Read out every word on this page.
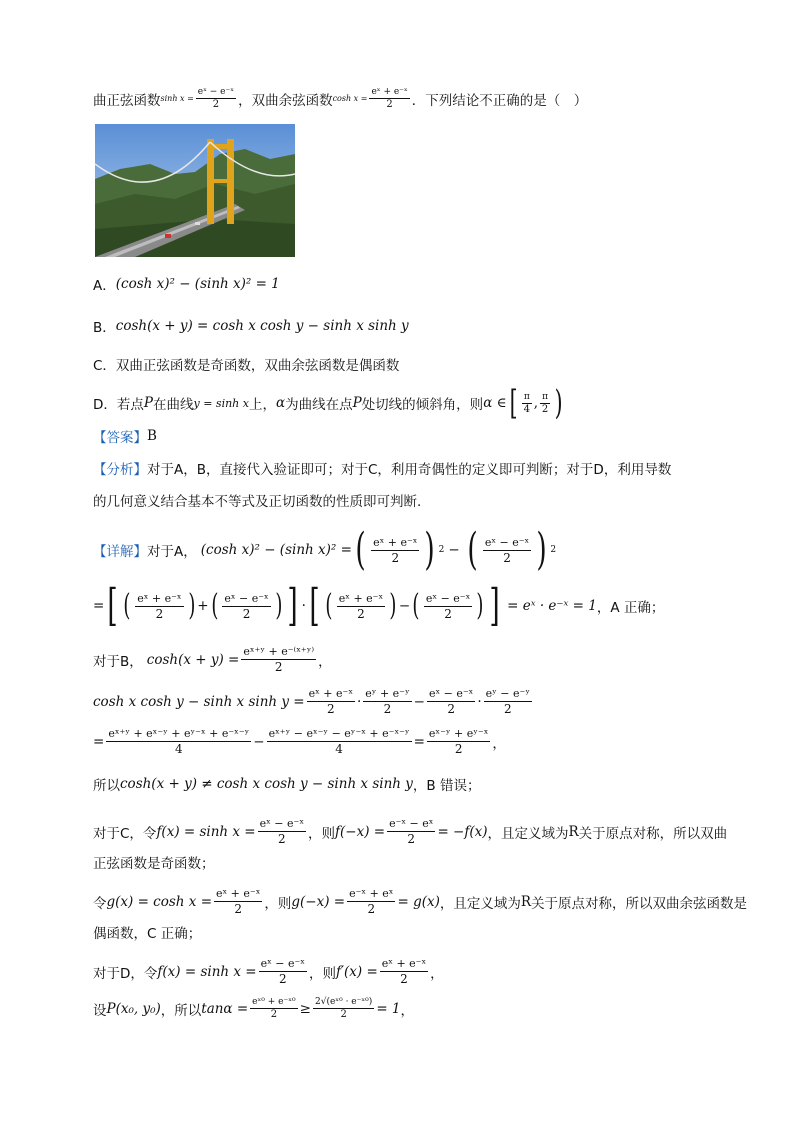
曲正弦函数 $\sinh x = \frac{\text{eˣ − e⁻ˣ}}{2}$ ，双曲余弦函数 $\cosh x = \frac{\text{eˣ + e⁻ˣ}}{2}$ ．下列结论不正确的是（　）
A． (cosh x)² − (sinh x)² = 1
B． cosh(x + y) = cosh x cosh y − sinh x sinh y
C．双曲正弦函数是奇函数，双曲余弦函数是偶函数
D．若点 P 在曲线 y = sinh x 上， α 为曲线在点 P 处切线的倾斜角，则 α ∈ [ $\frac{\pi}{4}$ , $\frac{\pi}{2}$ )
【答案】 B
【分析】 对于A，B，直接代入验证即可；对于C，利用奇偶性的定义即可判断；对于D，利用导数
的几何意义结合基本不等式及正切函数的性质即可判断.
【详解】 对于A， (cosh x)² − (sinh x)² = ( $\frac{\text{eˣ + e⁻ˣ}}{2}$ ) 2 − ( $\frac{\text{eˣ − e⁻ˣ}}{2}$ ) 2
= [ ( $\frac{\text{eˣ + e⁻ˣ}}{2}$ ) + ( $\frac{\text{eˣ − e⁻ˣ}}{2}$ ) ] · [ ( $\frac{\text{eˣ + e⁻ˣ}}{2}$ ) − ( $\frac{\text{eˣ − e⁻ˣ}}{2}$ ) ] = eˣ · e⁻ˣ = 1 ，A 正确；
对于B， $\cosh(x + y) = \frac{\text{eˣ⁺ʸ + e⁻⁽ˣ⁺ʸ⁾}}{2}$ ，
cosh x cosh y − sinh x $\sinh y = \frac{\text{eˣ + e⁻ˣ}}{2} \cdot \frac{\text{eʸ + e⁻ʸ}}{2} - \frac{\text{eˣ − e⁻ˣ}}{2} \cdot \frac{\text{eʸ − e⁻ʸ}}{2}$
= $\frac{\text{eˣ⁺ʸ + eˣ⁻ʸ + eʸ⁻ˣ + e⁻ˣ⁻ʸ}}{4} - \frac{\text{eˣ⁺ʸ − eˣ⁻ʸ − eʸ⁻ˣ + e⁻ˣ⁻ʸ}}{4} = \frac{\text{eˣ⁻ʸ + eʸ⁻ˣ}}{2}$ ，
所以 cosh(x + y) ≠ cosh x cosh y − sinh x sinh y ，B 错误；
对于C，令 $f(x) = \sinh x = \frac{\text{eˣ − e⁻ˣ}}{2}$ ，则 $f(-x) = \frac{\text{e⁻ˣ − eˣ}}{2} = -f(x)$ ，且定义域为 R 关于原点对称，所以双曲
正弦函数是奇函数；
令 $g(x) = \cosh x = \frac{\text{eˣ + e⁻ˣ}}{2}$ ，则 $g(-x) = \frac{\text{e⁻ˣ + eˣ}}{2} = g(x)$ ，且定义域为 R 关于原点对称，所以双曲余弦函数是
偶函数，C 正确；
对于D，令 $f(x) = \sinh x = \frac{\text{eˣ − e⁻ˣ}}{2}$ ，则 $f'(x) = \frac{\text{eˣ + e⁻ˣ}}{2}$ ，
设 P(x₀, y₀) ，所以 $\tan\alpha = \frac{\text{eˣ⁰ + e⁻ˣ⁰}}{2} \ge \frac{\text{2√(eˣ⁰ · e⁻ˣ⁰)}}{2} = 1$ ，
